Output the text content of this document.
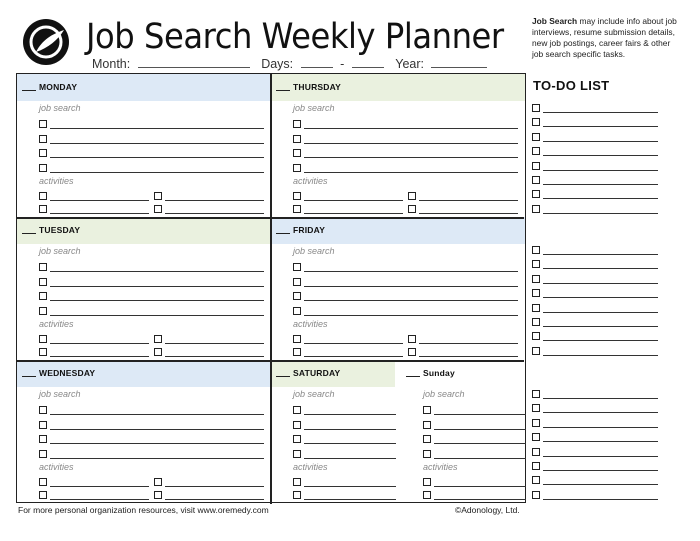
Job Search Weekly Planner
Month:	Days:	-	Year:
Job Search may include info about job interviews, resume submission details, new job postings, career fairs & other job search specific tasks.
MONDAY
job search
activities
THURSDAY
job search
activities
TUESDAY
job search
activities
FRIDAY
job search
activities
WEDNESDAY
job search
activities
SATURDAY
job search
activities
Sunday
job search
activities
TO-DO LIST
For more personal organization resources, visit www.oremedy.com	©Adonology, Ltd.
